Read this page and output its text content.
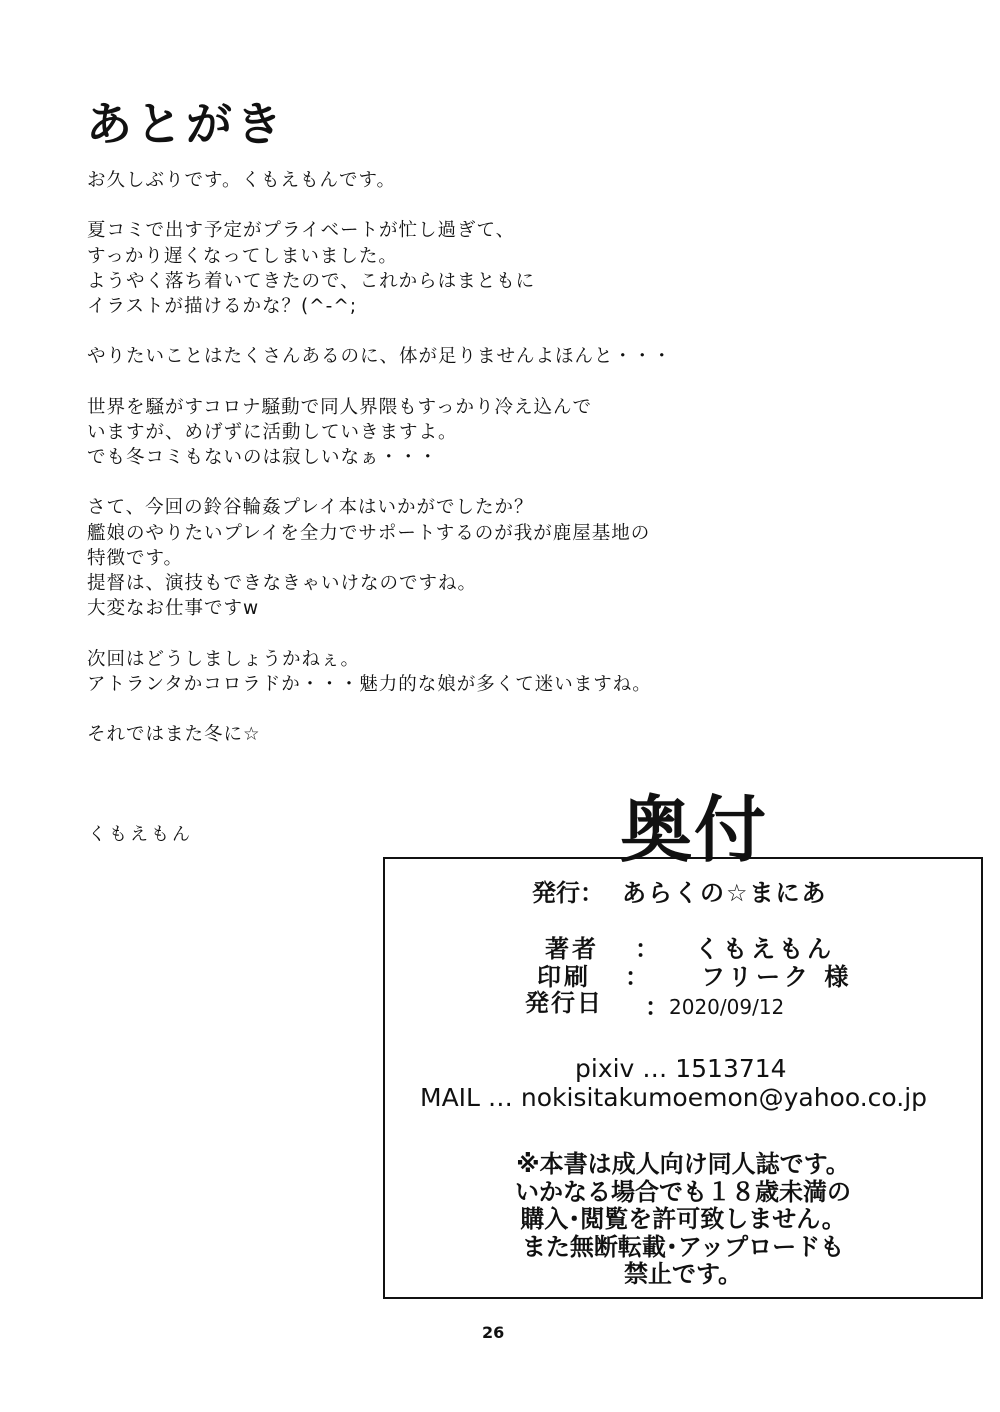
あとがき
お久しぶりです。くもえもんです。
夏コミで出す予定がプライベートが忙し過ぎて、
すっかり遅くなってしまいました。
ようやく落ち着いてきたので、これからはまともに
イラストが描けるかな？(^-^;
やりたいことはたくさんあるのに、体が足りませんよほんと・・・
世界を騒がすコロナ騒動で同人界隈もすっかり冷え込んで
いますが、めげずに活動していきますよ。
でも冬コミもないのは寂しいなぁ・・・
さて、今回の鈴谷輪姦プレイ本はいかがでしたか？
艦娘のやりたいプレイを全力でサポートするのが我が鹿屋基地の
特徴です。
提督は、演技もできなきゃいけなのですね。
大変なお仕事ですw
次回はどうしましょうかねぇ。
アトランタかコロラドか・・・魅力的な娘が多くて迷いますね。
それではまた冬に☆
くもえもん	奥付
発行： あらくの☆まにあ
著者 ： くもえもん
印刷 ： フリーク 様
発行日 ： 2020/09/12
pixiv … 1513714
MAIL … nokisitakumoemon@yahoo.co.jp
※本書は成人向け同人誌です。
いかなる場合でも１８歳未満の
購入･閲覧を許可致しません。
また無断転載･アップロードも
禁止です。
26
